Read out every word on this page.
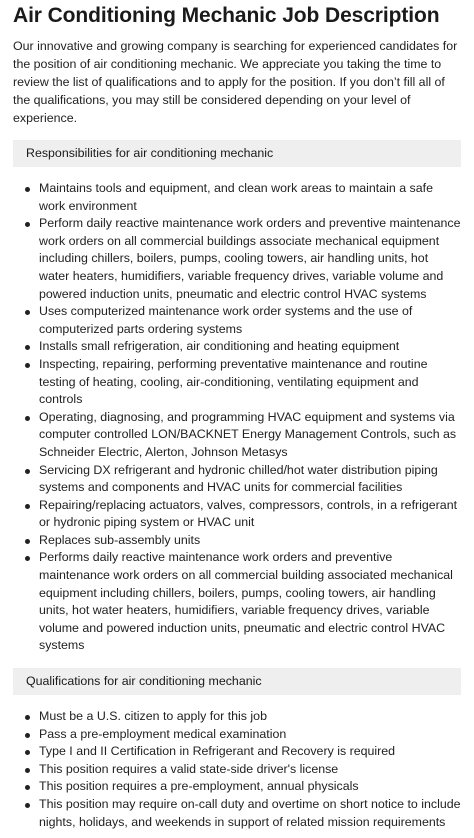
Air Conditioning Mechanic Job Description

Our innovative and growing company is searching for experienced candidates for the position of air conditioning mechanic. We appreciate you taking the time to review the list of qualifications and to apply for the position. If you don’t fill all of the qualifications, you may still be considered depending on your level of experience.

Responsibilities for air conditioning mechanic
Maintains tools and equipment, and clean work areas to maintain a safe work environment
Perform daily reactive maintenance work orders and preventive maintenance work orders on all commercial buildings associate mechanical equipment including chillers, boilers, pumps, cooling towers, air handling units, hot water heaters, humidifiers, variable frequency drives, variable volume and powered induction units, pneumatic and electric control HVAC systems
Uses computerized maintenance work order systems and the use of computerized parts ordering systems
Installs small refrigeration, air conditioning and heating equipment
Inspecting, repairing, performing preventative maintenance and routine testing of heating, cooling, air-conditioning, ventilating equipment and controls
Operating, diagnosing, and programming HVAC equipment and systems via computer controlled LON/BACKNET Energy Management Controls, such as Schneider Electric, Alerton, Johnson Metasys
Servicing DX refrigerant and hydronic chilled/hot water distribution piping systems and components and HVAC units for commercial facilities
Repairing/replacing actuators, valves, compressors, controls, in a refrigerant or hydronic piping system or HVAC unit
Replaces sub-assembly units
Performs daily reactive maintenance work orders and preventive maintenance work orders on all commercial building associated mechanical equipment including chillers, boilers, pumps, cooling towers, air handling units, hot water heaters, humidifiers, variable frequency drives, variable volume and powered induction units, pneumatic and electric control HVAC systems
Qualifications for air conditioning mechanic
Must be a U.S. citizen to apply for this job
Pass a pre-employment medical examination
Type I and II Certification in Refrigerant and Recovery is required
This position requires a valid state-side driver's license
This position requires a pre-employment, annual physicals
This position may require on-call duty and overtime on short notice to include nights, holidays, and weekends in support of related mission requirements
